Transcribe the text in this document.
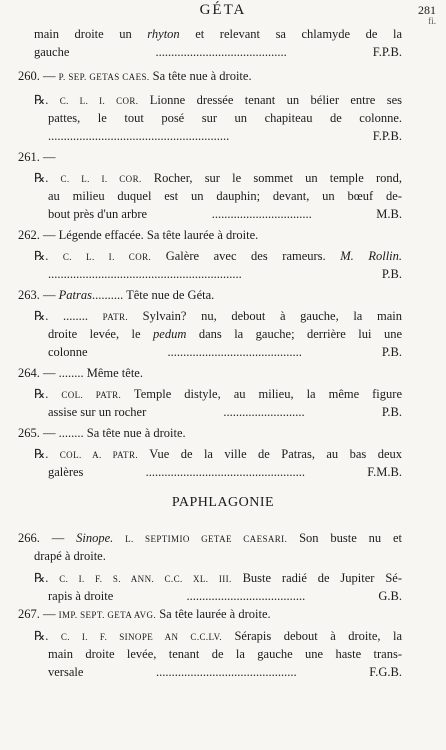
GÉTA	281
fi.
main droite un rhyton et relevant sa chlamyde de la
gauche	..........................................	F.P.B.
260. — P. SEP. GETAS CAES. Sa tête nue à droite.
℞. C. L. I. COR. Lionne dressée tenant un bélier entre ses
pattes, le tout posé sur un chapiteau de colonne.
..........................................................	F.P.B.
261. —
℞. C. L. I. COR. Rocher, sur le sommet un temple rond,
au milieu duquel est un dauphin; devant, un bœuf de-
bout près d'un arbre	................................	M.B.
262. — Légende effacée. Sa tête laurée à droite.
℞. C. L. I. COR. Galère avec des rameurs. M. Rollin.
..............................................................	P.B.
263. — Patras.......... Tête nue de Géta.
℞. ........ PATR. Sylvain? nu, debout à gauche, la main
droite levée, le pedum dans la gauche; derrière lui une
colonne	...........................................	P.B.
264. — ........ Même tête.
℞. COL. PATR. Temple distyle, au milieu, la même figure
assise sur un rocher	..........................	P.B.
265. — ........ Sa tête nue à droite.
℞. COL. A. PATR. Vue de la ville de Patras, au bas deux
galères	...................................................	F.M.B.
PAPHLAGONIE
266. — Sinope. L. SEPTIMIO GETAE CAESARI. Son buste nu et
drapé à droite.
℞. C. I. F. S. ANN. C.C. XL. III. Buste radié de Jupiter Sé-
rapis à droite	......................................	G.B.
267. — IMP. SEPT. GETA AVG. Sa tête laurée à droite.
℞. C. I. F. SINOPE AN C.C.LV. Sérapis debout à droite, la
main droite levée, tenant de la gauche une haste trans-
versale	.............................................	F.G.B.
